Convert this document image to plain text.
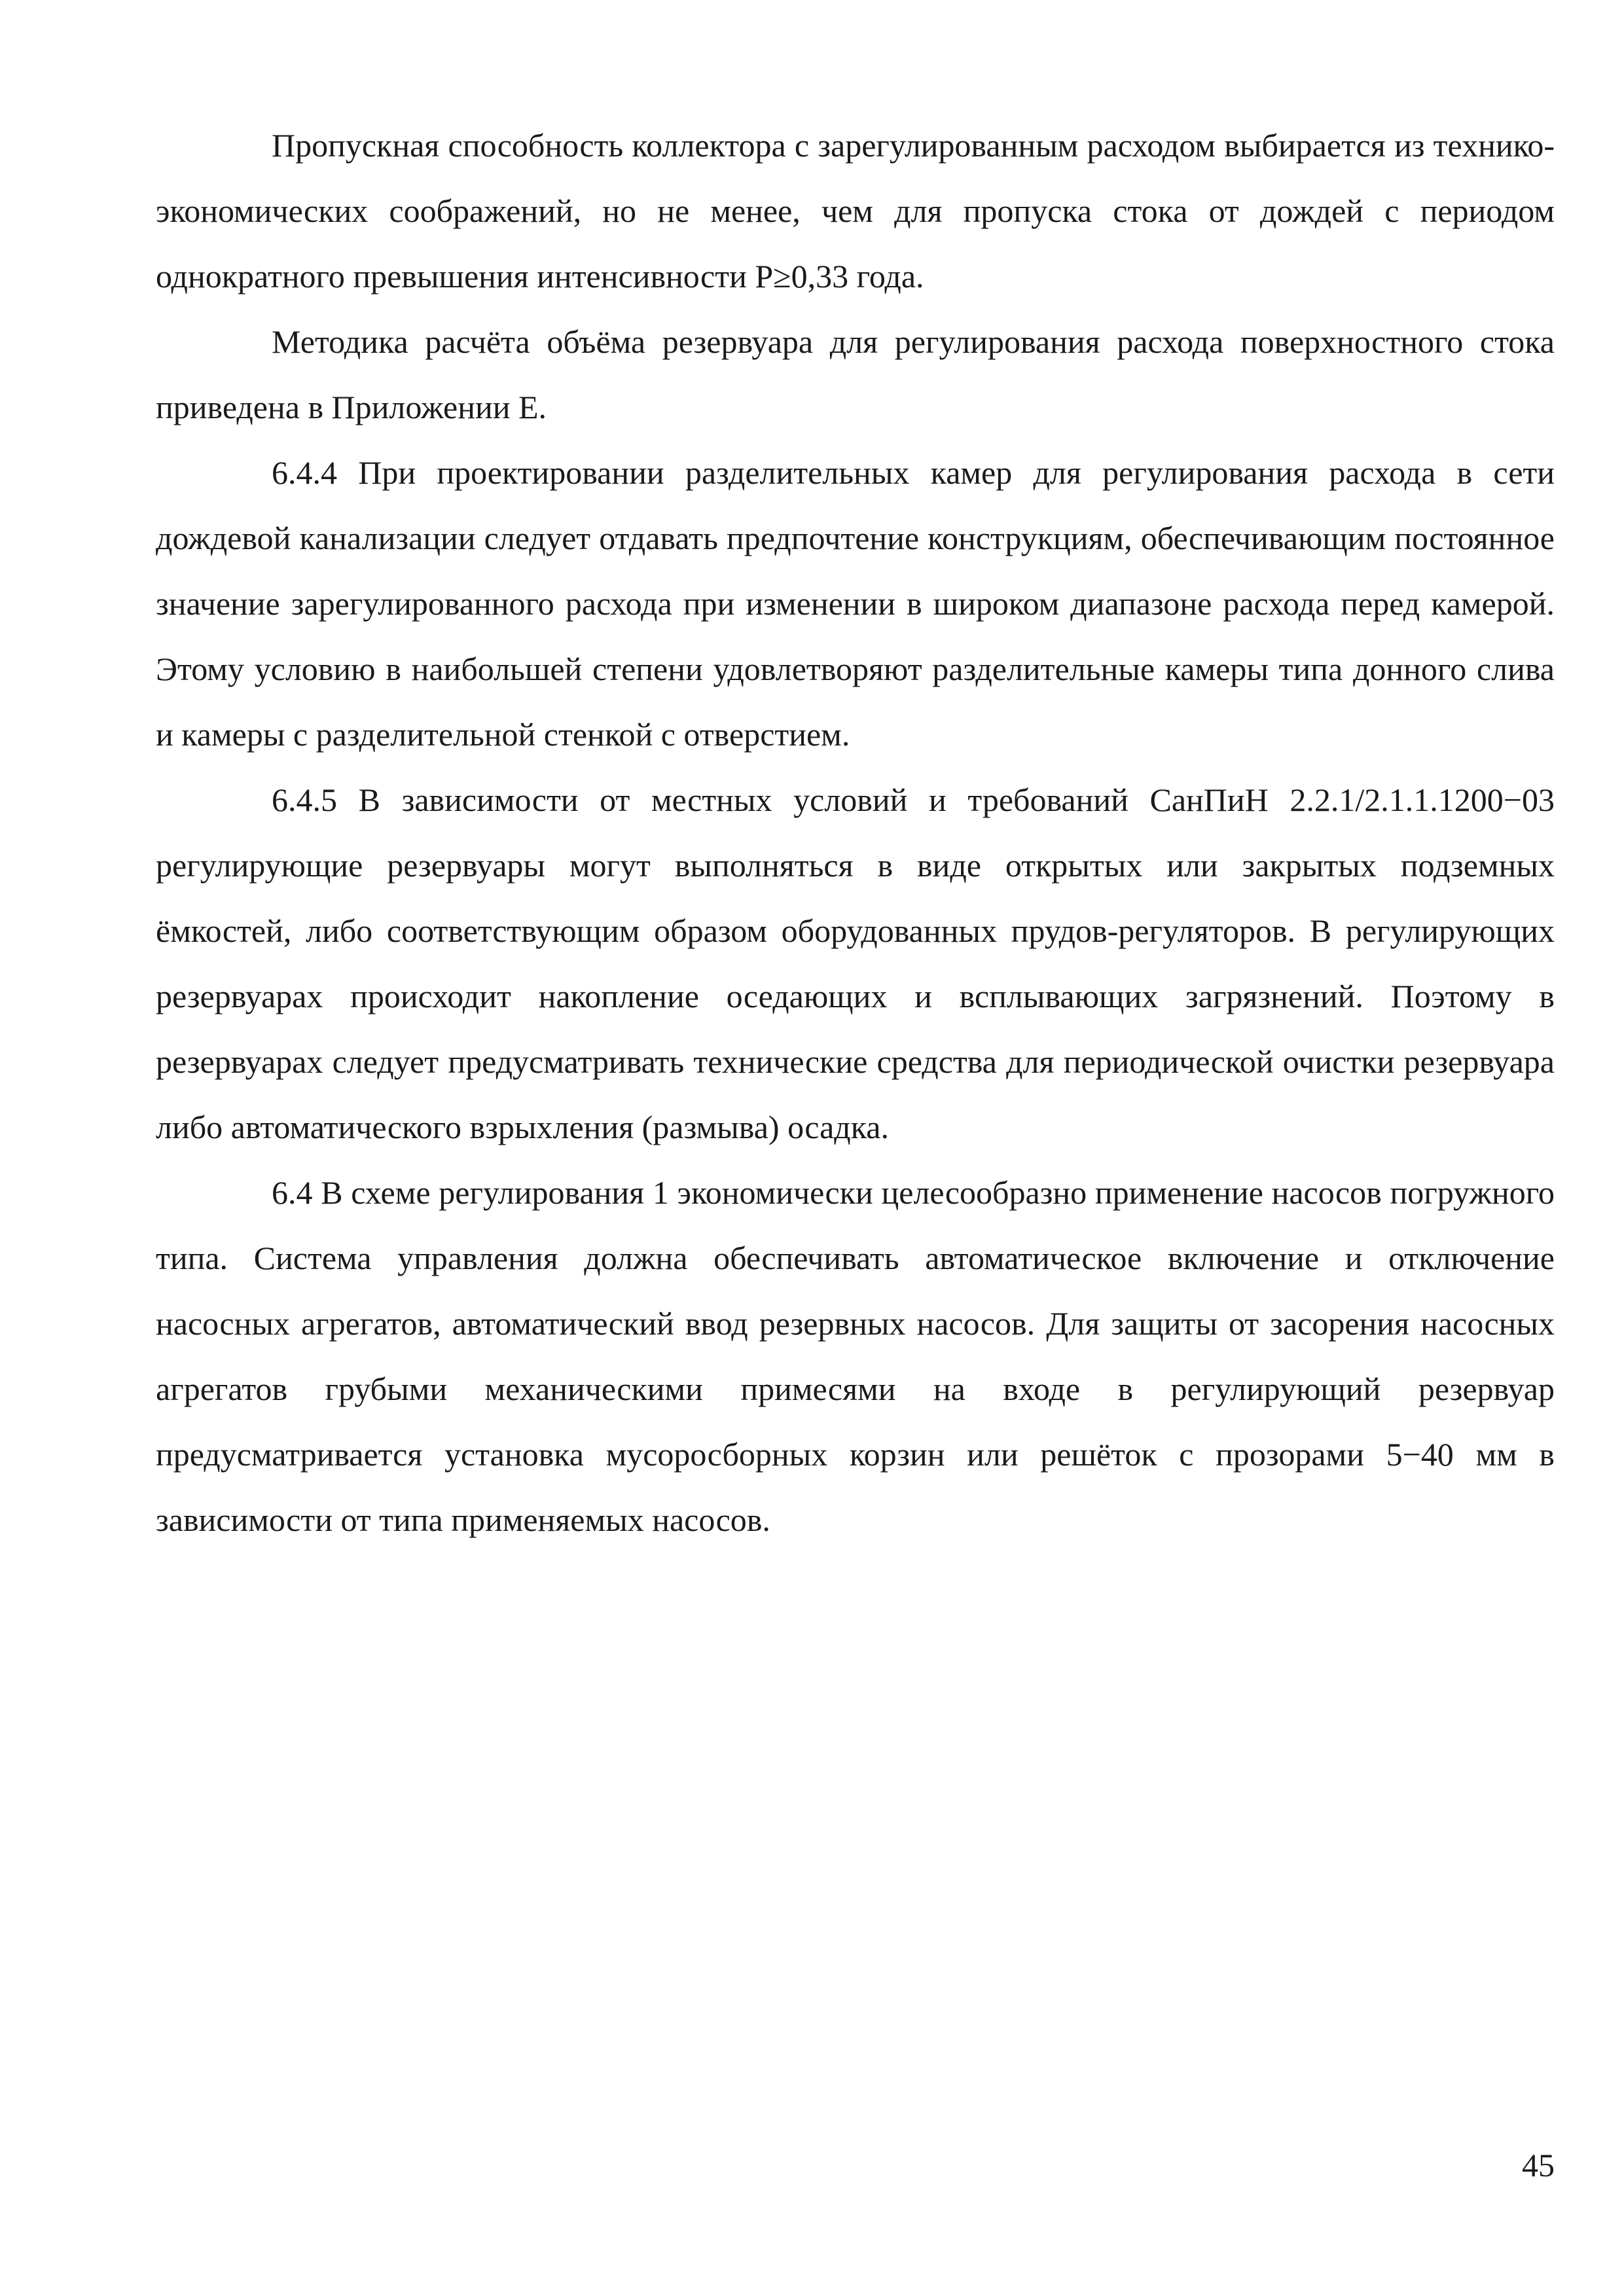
Пропускная способность коллектора с зарегулированным расходом выбирается из технико-экономических соображений, но не менее, чем для пропуска стока от дождей с периодом однократного превышения интенсивности P≥0,33 года.

Методика расчёта объёма резервуара для регулирования расхода поверхностного стока приведена в Приложении Е.

6.4.4 При проектировании разделительных камер для регулирования расхода в сети дождевой канализации следует отдавать предпочтение конструкциям, обеспечивающим постоянное значение зарегулированного расхода при изменении в широком диапазоне расхода перед камерой. Этому условию в наибольшей степени удовлетворяют разделительные камеры типа донного слива и камеры с разделительной стенкой с отверстием.

6.4.5 В зависимости от местных условий и требований СанПиН 2.2.1/2.1.1.1200−03 регулирующие резервуары могут выполняться в виде открытых или закрытых подземных ёмкостей, либо соответствующим образом оборудованных прудов-регуляторов. В регулирующих резервуарах происходит накопление оседающих и всплывающих загрязнений. Поэтому в резервуарах следует предусматривать технические средства для периодической очистки резервуара либо автоматического взрыхления (размыва) осадка.

6.4 В схеме регулирования 1 экономически целесообразно применение насосов погружного типа. Система управления должна обеспечивать автоматическое включение и отключение насосных агрегатов, автоматический ввод резервных насосов. Для защиты от засорения насосных агрегатов грубыми механическими примесями на входе в регулирующий резервуар предусматривается установка мусоросборных корзин или решёток с прозорами 5−40 мм в зависимости от типа применяемых насосов.

45
